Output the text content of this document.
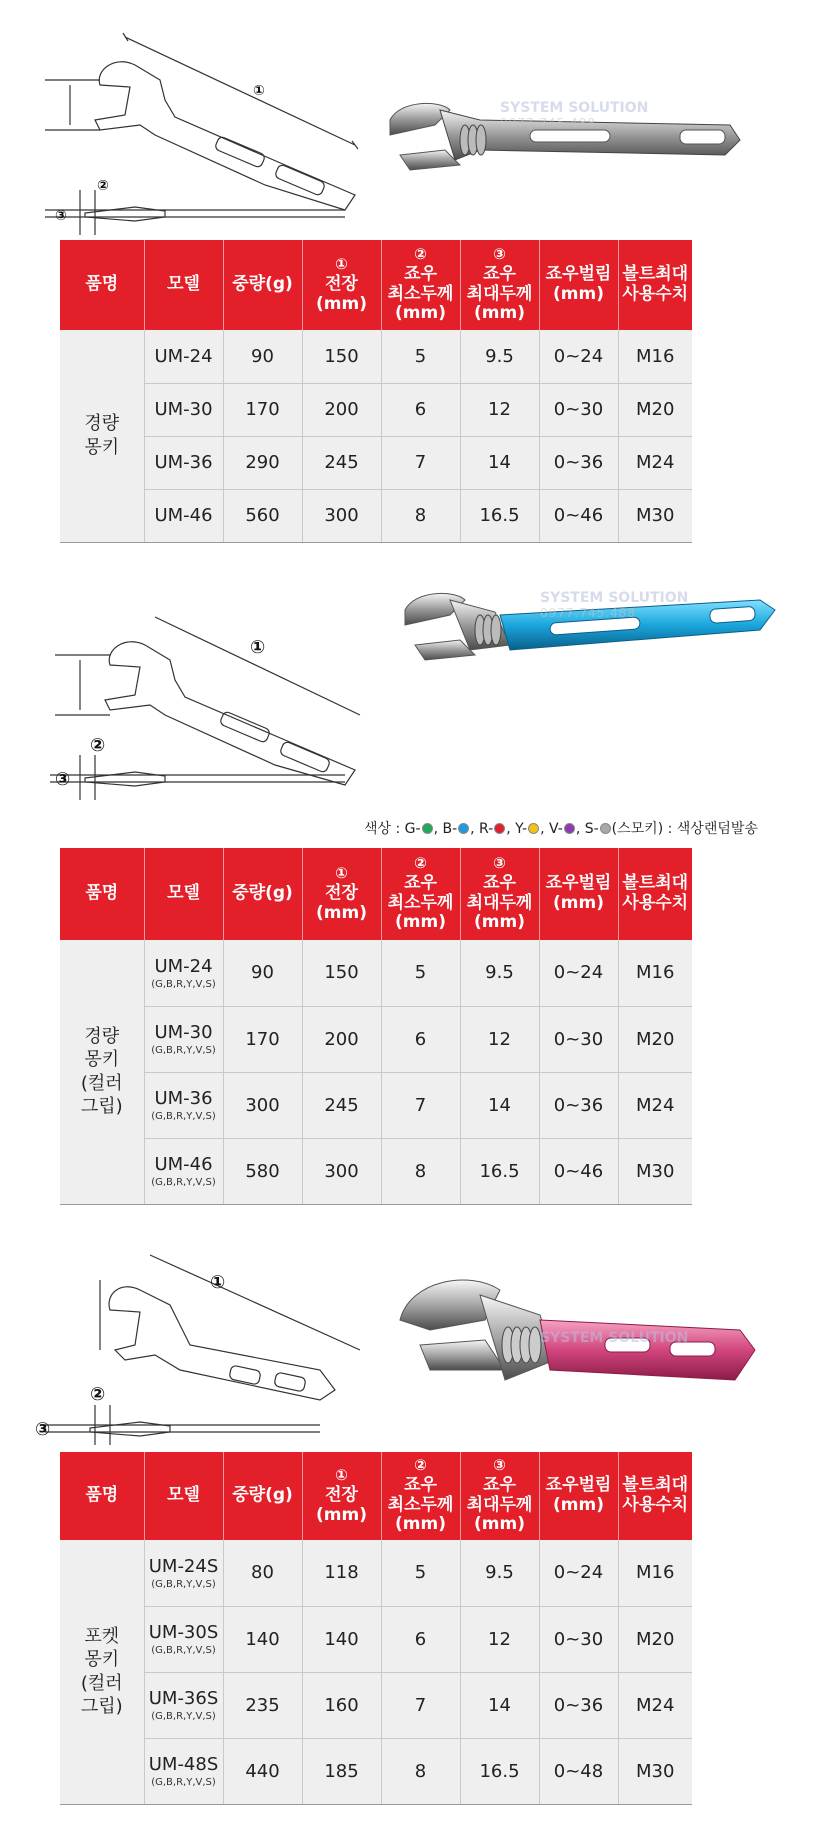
①
②
③
SYSTEM SOLUTION
0977.745.488
품명	모델	중량(g)	①
전장
(mm)	②
죠우
최소두께
(mm)	③
죠우
최대두께
(mm)	죠우벌림
(mm)	볼트최대
사용수치
경량
몽키	UM-24	90	150	5	9.5	0~24	M16
	UM-30	170	200	6	12	0~30	M20
	UM-36	290	245	7	14	0~36	M24
	UM-46	560	300	8	16.5	0~46	M30
①
②
③
SYSTEM SOLUTION
0977.745.488
색상 : G- , B- , R- , Y- , V- , S- (스모키) : 색상랜덤발송
품명	모델	중량(g)	①
전장
(mm)	②
죠우
최소두께
(mm)	③
죠우
최대두께
(mm)	죠우벌림
(mm)	볼트최대
사용수치
경량
몽키
(컬러
그립)	UM-24
(G,B,R,Y,V,S)	90	150	5	9.5	0~24	M16
	UM-30
(G,B,R,Y,V,S)	170	200	6	12	0~30	M20
	UM-36
(G,B,R,Y,V,S)	300	245	7	14	0~36	M24
	UM-46
(G,B,R,Y,V,S)	580	300	8	16.5	0~46	M30
①
②
③
SYSTEM SOLUTION
품명	모델	중량(g)	①
전장
(mm)	②
죠우
최소두께
(mm)	③
죠우
최대두께
(mm)	죠우벌림
(mm)	볼트최대
사용수치
포켓
몽키
(컬러
그립)	UM-24S
(G,B,R,Y,V,S)	80	118	5	9.5	0~24	M16
	UM-30S
(G,B,R,Y,V,S)	140	140	6	12	0~30	M20
	UM-36S
(G,B,R,Y,V,S)	235	160	7	14	0~36	M24
	UM-48S
(G,B,R,Y,V,S)	440	185	8	16.5	0~48	M30
